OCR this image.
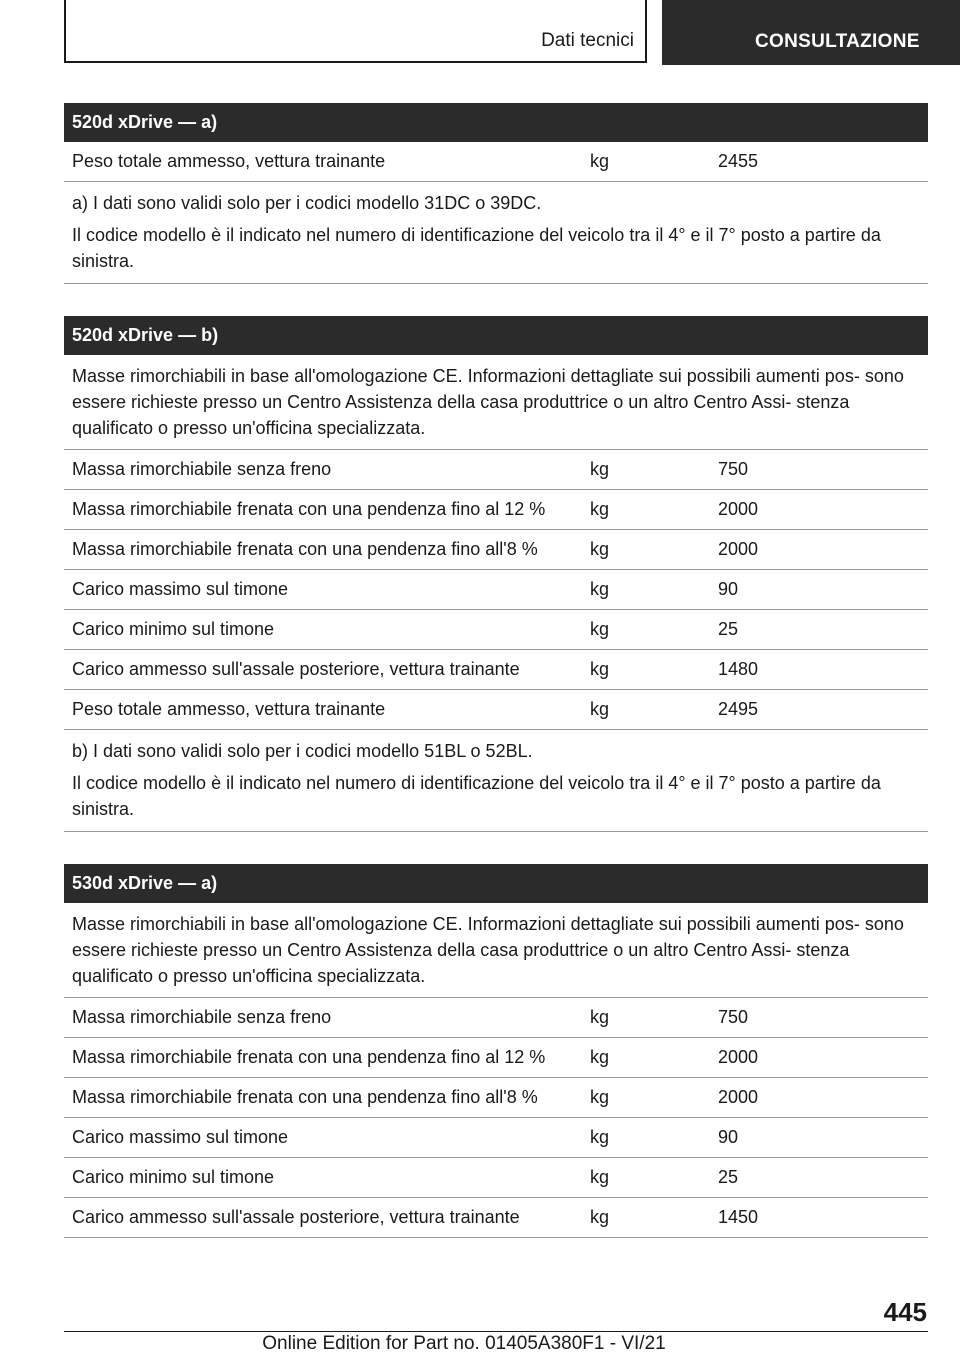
Dati tecnici	CONSULTAZIONE
520d xDrive — a)
Peso totale ammesso, vettura trainante	kg	2455

a) I dati sono validi solo per i codici modello 31DC o 39DC.

Il codice modello è il indicato nel numero di identificazione del veicolo tra il 4° e il 7° posto a partire da sinistra.

520d xDrive — b)
Masse rimorchiabili in base all'omologazione CE. Informazioni dettagliate sui possibili aumenti pos- sono essere richieste presso un Centro Assistenza della casa produttrice o un altro Centro Assi- stenza qualificato o presso un'officina specializzata.
Massa rimorchiabile senza freno	kg	750
Massa rimorchiabile frenata con una pendenza fino al 12 %	kg	2000
Massa rimorchiabile frenata con una pendenza fino all'8 %	kg	2000
Carico massimo sul timone	kg	90
Carico minimo sul timone	kg	25
Carico ammesso sull'assale posteriore, vettura trainante	kg	1480
Peso totale ammesso, vettura trainante	kg	2495

b) I dati sono validi solo per i codici modello 51BL o 52BL.

Il codice modello è il indicato nel numero di identificazione del veicolo tra il 4° e il 7° posto a partire da sinistra.

530d xDrive — a)
Masse rimorchiabili in base all'omologazione CE. Informazioni dettagliate sui possibili aumenti pos- sono essere richieste presso un Centro Assistenza della casa produttrice o un altro Centro Assi- stenza qualificato o presso un'officina specializzata.
Massa rimorchiabile senza freno	kg	750
Massa rimorchiabile frenata con una pendenza fino al 12 %	kg	2000
Massa rimorchiabile frenata con una pendenza fino all'8 %	kg	2000
Carico massimo sul timone	kg	90
Carico minimo sul timone	kg	25
Carico ammesso sull'assale posteriore, vettura trainante	kg	1450
445
Online Edition for Part no. 01405A380F1 - VI/21
